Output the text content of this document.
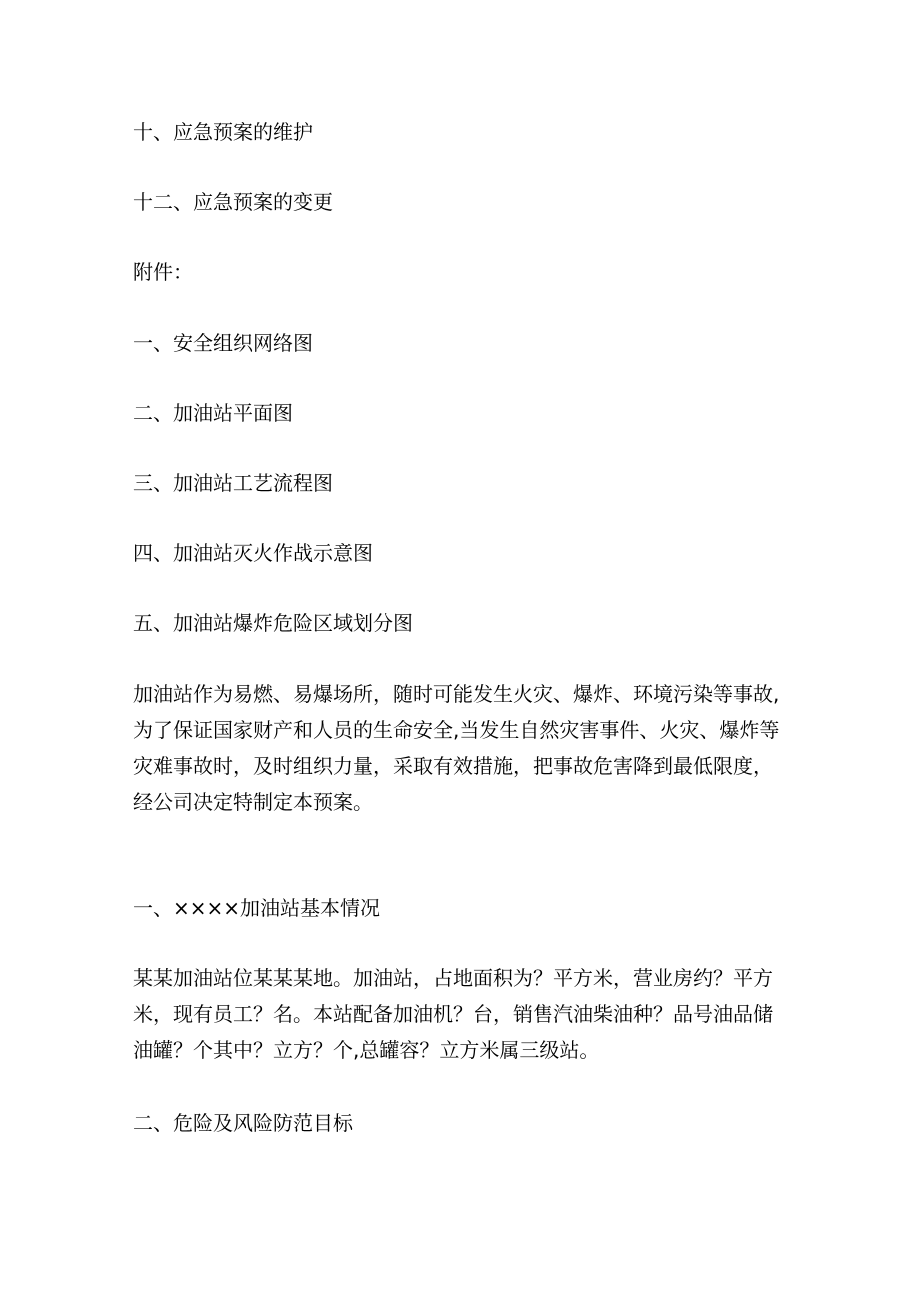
十、应急预案的维护

十二、应急预案的变更

附件：

一、安全组织网络图

二、加油站平面图

三、加油站工艺流程图

四、加油站灭火作战示意图

五、加油站爆炸危险区域划分图

加油站作为易燃、易爆场所，随时可能发生火灾、爆炸、环境污染等事故,
为了保证国家财产和人员的生命安全,当发生自然灾害事件、火灾、爆炸等
灾难事故时，及时组织力量，采取有效措施，把事故危害降到最低限度，
经公司决定特制定本预案。

一、××××加油站基本情况

某某加油站位某某某地。加油站，占地面积为？平方米，营业房约？平方
米，现有员工？名。本站配备加油机？台，销售汽油柴油种？品号油品储
油罐？个其中？立方？个,总罐容？立方米属三级站。

二、危险及风险防范目标
